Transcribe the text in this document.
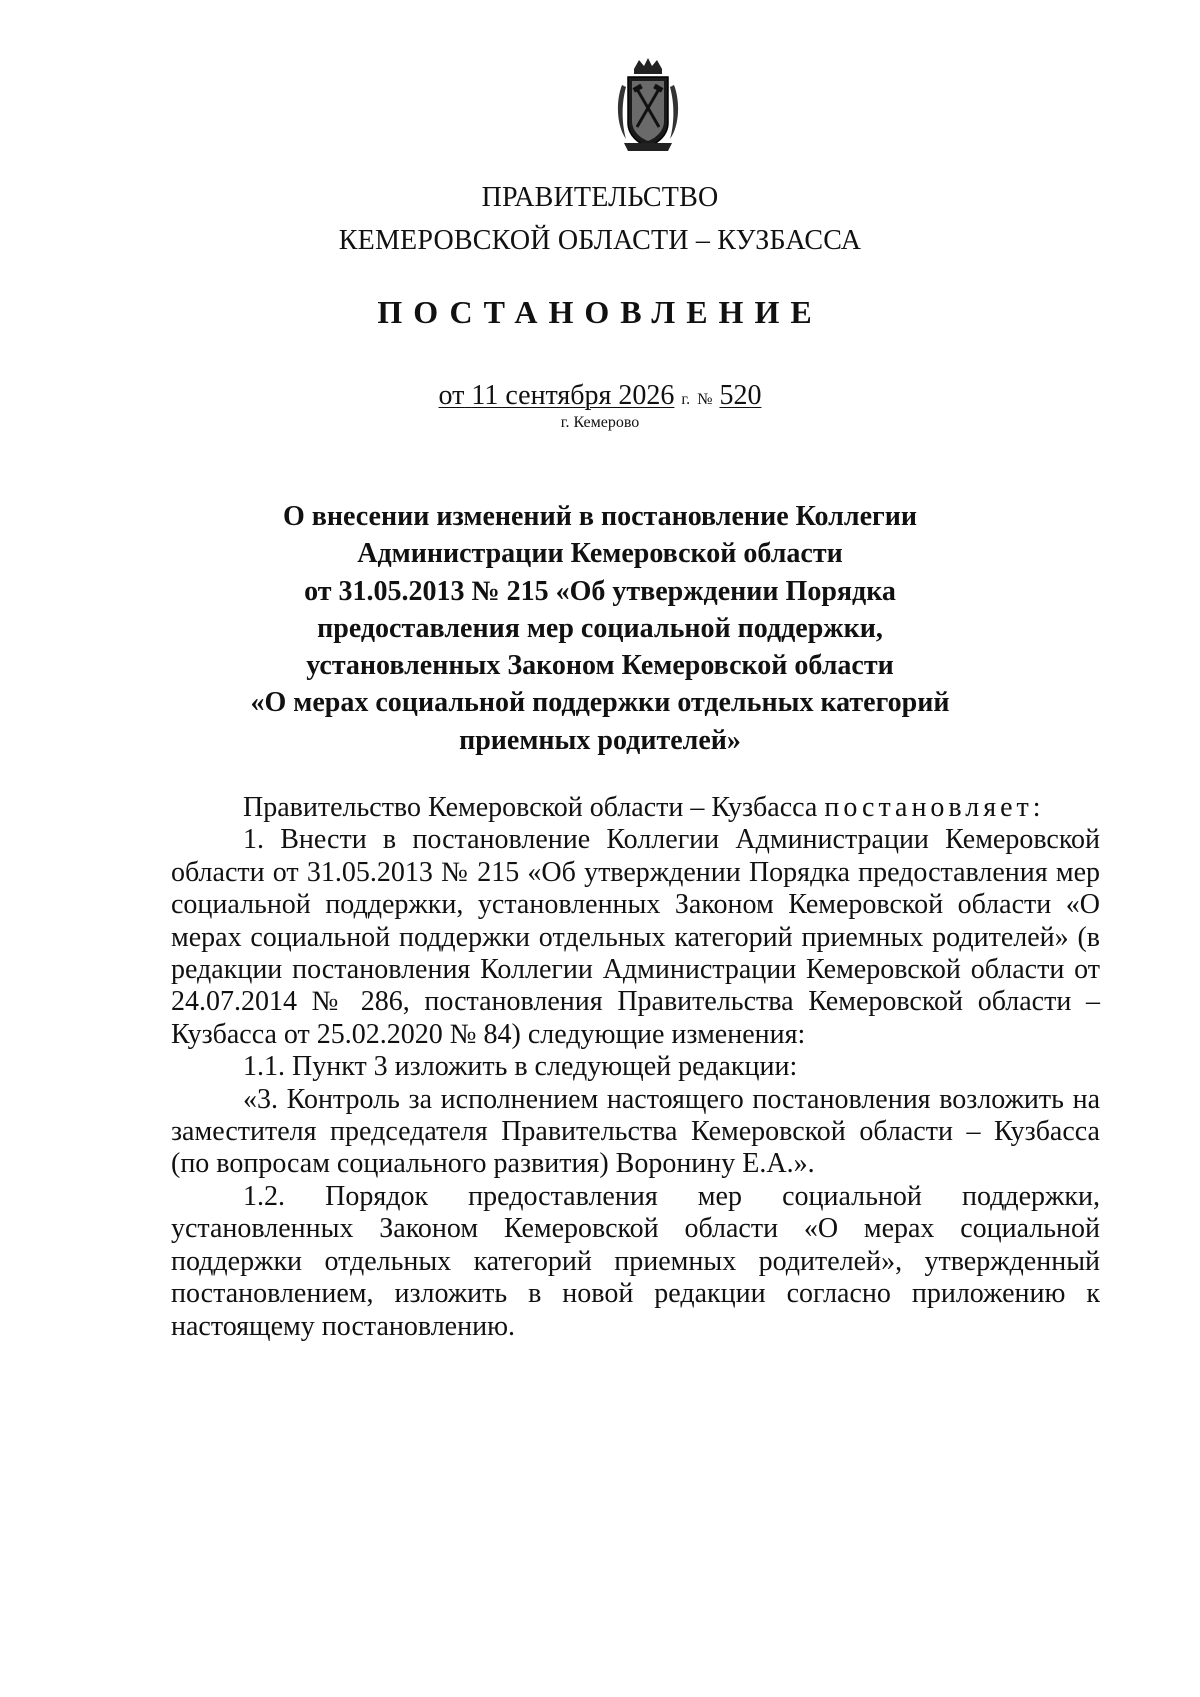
ПРАВИТЕЛЬСТВО
КЕМЕРОВСКОЙ ОБЛАСТИ – КУЗБАССА
ПОСТАНОВЛЕНИЕ
от 11 сентября 2026 г. № 520
г. Кемерово
О внесении изменений в постановление Коллегии
Администрации Кемеровской области
от 31.05.2013 № 215 «Об утверждении Порядка
предоставления мер социальной поддержки,
установленных Законом Кемеровской области
«О мерах социальной поддержки отдельных категорий
приемных родителей»

Правительство Кемеровской области – Кузбасса постановляет:

1. Внести в постановление Коллегии Администрации Кемеровской области от 31.05.2013 № 215 «Об утверждении Порядка предоставления мер социальной поддержки, установленных Законом Кемеровской области «О мерах социальной поддержки отдельных категорий приемных родителей» (в редакции постановления Коллегии Администрации Кемеровской области от 24.07.2014 № 286, постановления Правительства Кемеровской области – Кузбасса от 25.02.2020 № 84) следующие изменения:

1.1. Пункт 3 изложить в следующей редакции:

«3. Контроль за исполнением настоящего постановления возложить на заместителя председателя Правительства Кемеровской области – Кузбасса (по вопросам социального развития) Воронину Е.А.».

1.2. Порядок предоставления мер социальной поддержки, установленных Законом Кемеровской области «О мерах социальной поддержки отдельных категорий приемных родителей», утвержденный постановлением, изложить в новой редакции согласно приложению к настоящему постановлению.
